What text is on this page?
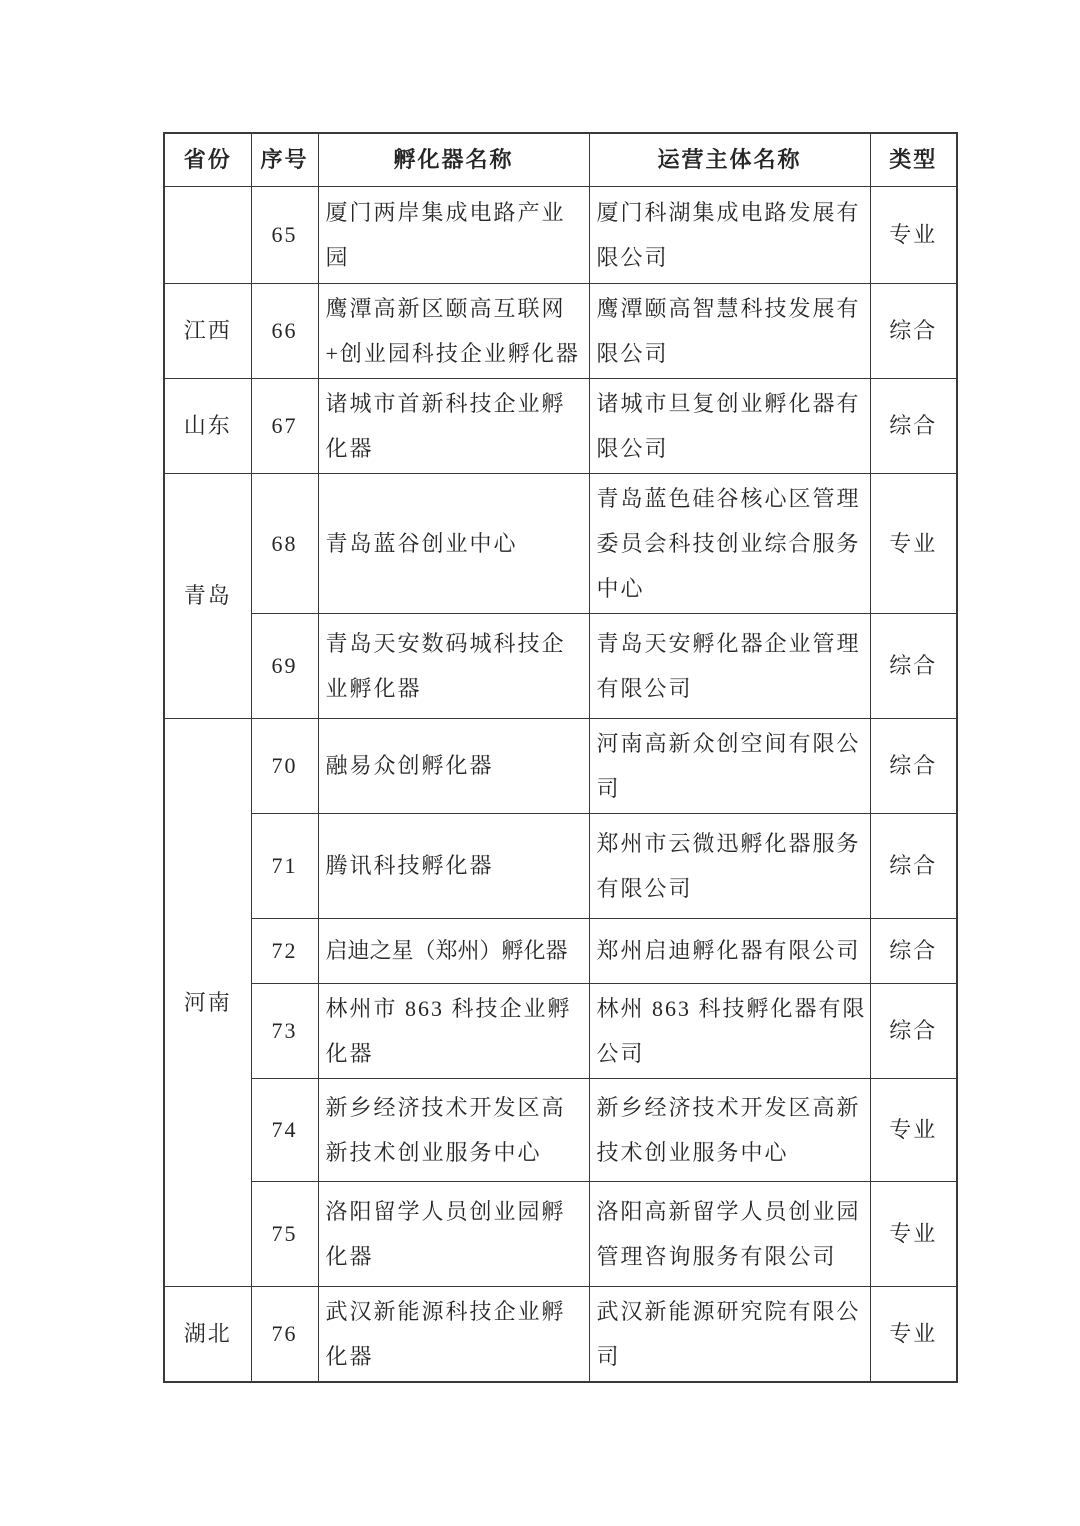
省份	序号	孵化器名称	运营主体名称	类型
	65	厦门两岸集成电路产业园	厦门科湖集成电路发展有限公司	专业
江西	66	鹰潭高新区颐高互联网+创业园科技企业孵化器	鹰潭颐高智慧科技发展有限公司	综合
山东	67	诸城市首新科技企业孵化器	诸城市旦复创业孵化器有限公司	综合
青岛	68	青岛蓝谷创业中心	青岛蓝色硅谷核心区管理委员会科技创业综合服务中心	专业
	69	青岛天安数码城科技企业孵化器	青岛天安孵化器企业管理有限公司	综合
河南	70	融易众创孵化器	河南高新众创空间有限公司	综合
	71	腾讯科技孵化器	郑州市云微迅孵化器服务有限公司	综合
	72	启迪之星（郑州）孵化器	郑州启迪孵化器有限公司	综合
	73	林州市 863 科技企业孵化器	林州 863 科技孵化器有限公司	综合
	74	新乡经济技术开发区高新技术创业服务中心	新乡经济技术开发区高新技术创业服务中心	专业
	75	洛阳留学人员创业园孵化器	洛阳高新留学人员创业园管理咨询服务有限公司	专业
湖北	76	武汉新能源科技企业孵化器	武汉新能源研究院有限公司	专业
